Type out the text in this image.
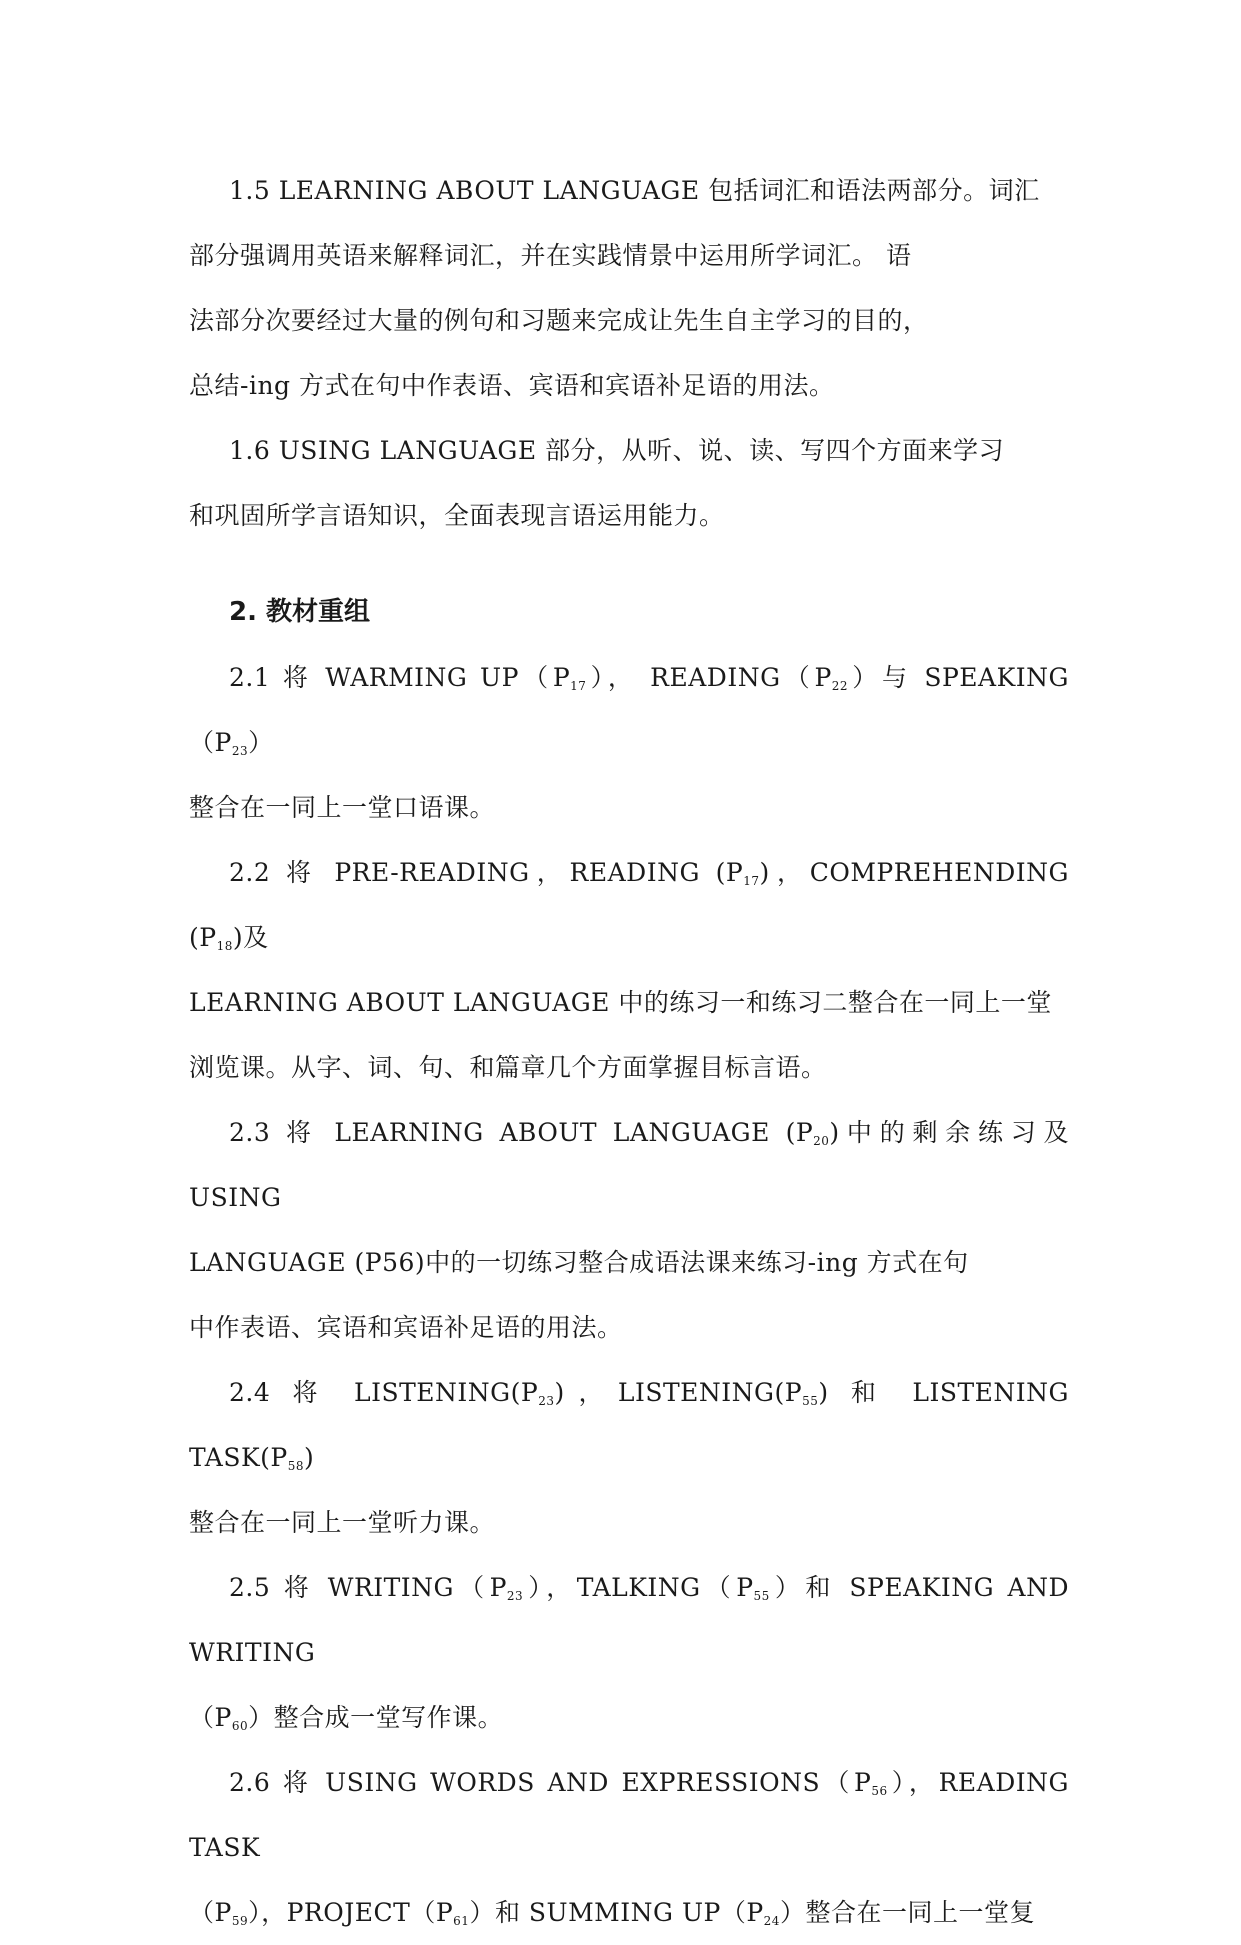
1.5 LEARNING ABOUT LANGUAGE 包括词汇和语法两部分。词汇
部分强调用英语来解释词汇，并在实践情景中运用所学词汇。 语
法部分次要经过大量的例句和习题来完成让先生自主学习的目的，
总结-ing 方式在句中作表语、宾语和宾语补足语的用法。

1.6 USING LANGUAGE 部分，从听、说、读、写四个方面来学习
和巩固所学言语知识，全面表现言语运用能力。

2. 教材重组

2.1 将 WARMING $UP(P_{17})$， $READING(P_{22})$与 $SPEAKING(P_{23})$
整合在一同上一堂口语课。

2.2 将 PRE-READING，READING $(P_{17})$，COMPREHENDING $(P_{18})$及
LEARNING ABOUT LANGUAGE 中的练习一和练习二整合在一同上一堂
浏览课。从字、词、句、和篇章几个方面掌握目标言语。

2.3 将 LEARNING ABOUT LANGUAGE $(P_{20})$中的剩余练习及 USING
LANGUAGE (P56)中的一切练习整合成语法课来练习-ing 方式在句
中作表语、宾语和宾语补足语的用法。

2.4 将 $LISTENING(P_{23})$，$LISTENING(P_{55})$ 和 LISTENING $TASK(P_{58})$
整合在一同上一堂听力课。

2.5 将 $WRITING(P_{23})$，$TALKING(P_{55})$和 SPEAKING AND WRITING
$(P_{60})$整合成一堂写作课。

2.6 将 USING WORDS AND $EXPRESSIONS(P_{56})$，READING TASK
$(P_{59})$，$PROJECT(P_{61})$和 SUMMING $UP(P_{24})$整合在一同上一堂复
